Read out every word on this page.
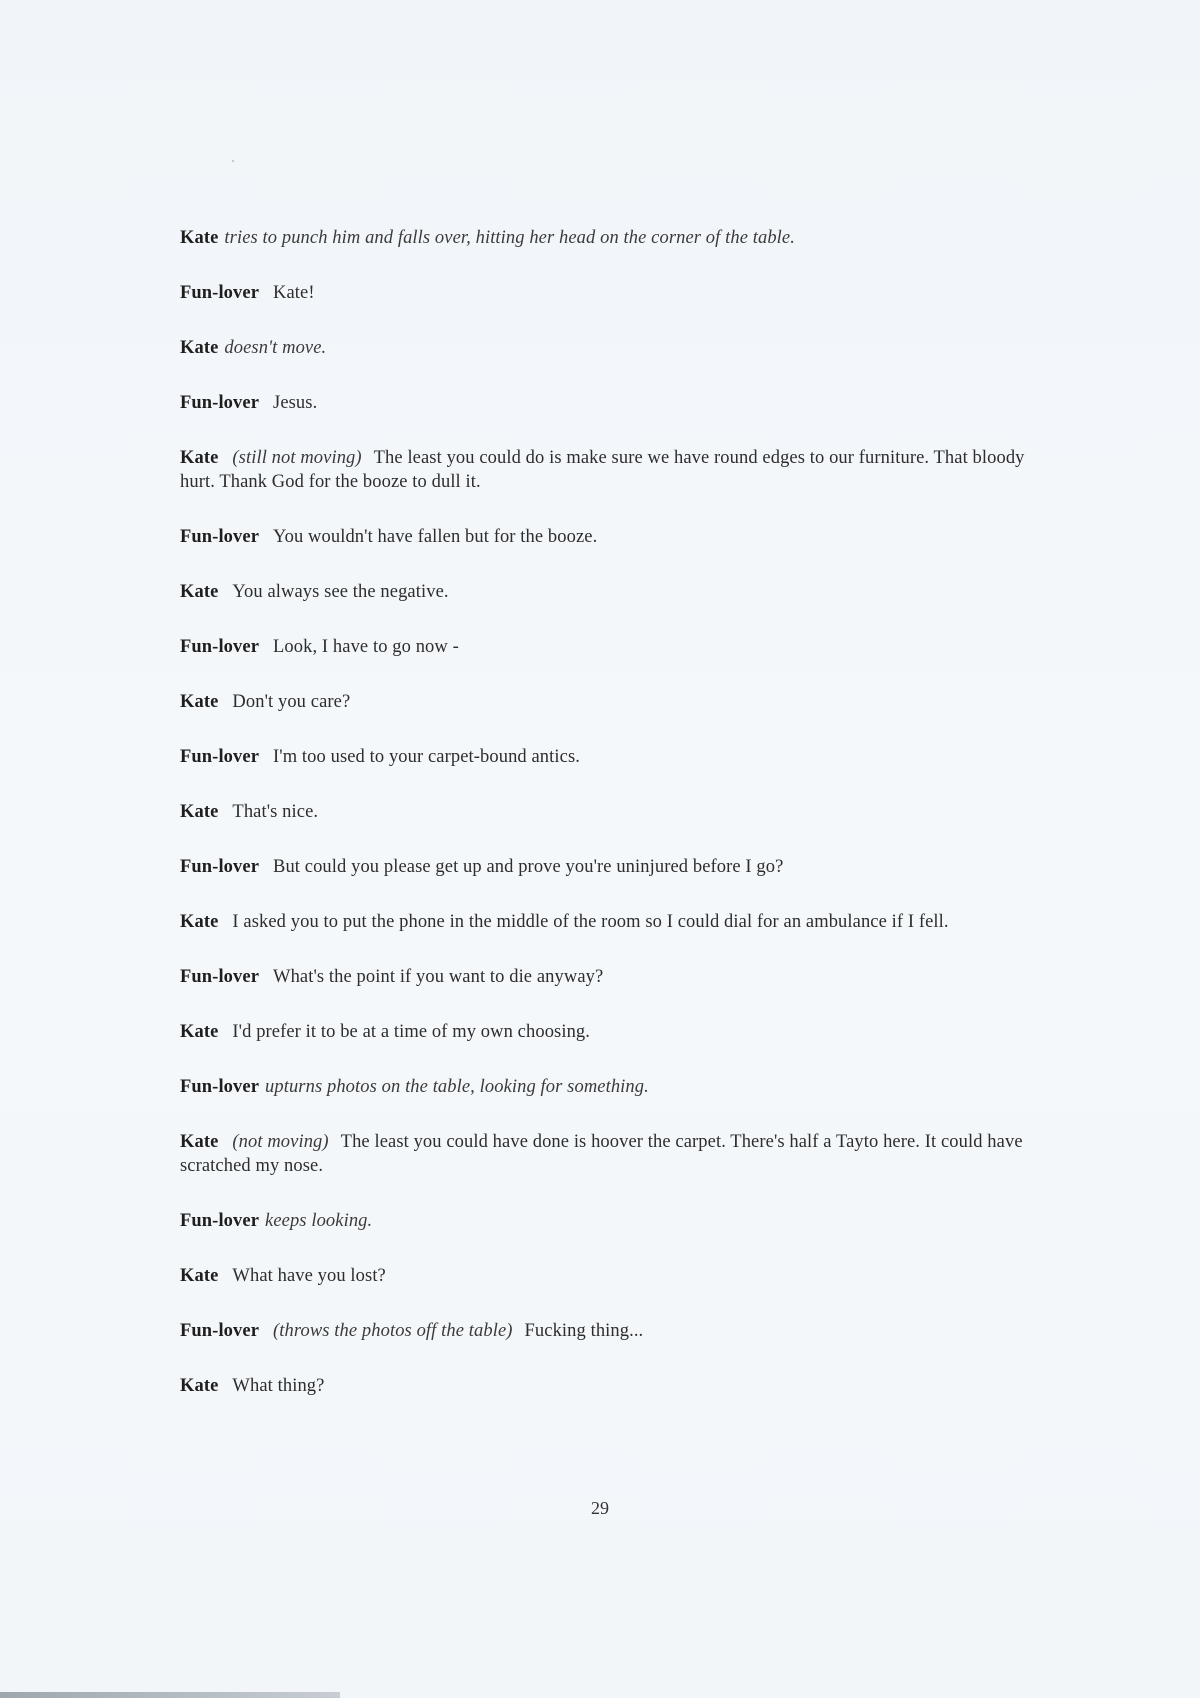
Kate tries to punch him and falls over, hitting her head on the corner of the table.

Fun-lover Kate!

Kate doesn't move.

Fun-lover Jesus.

Kate (still not moving) The least you could do is make sure we have round edges to our furniture. That bloody hurt. Thank God for the booze to dull it.

Fun-lover You wouldn't have fallen but for the booze.

Kate You always see the negative.

Fun-lover Look, I have to go now -

Kate Don't you care?

Fun-lover I'm too used to your carpet-bound antics.

Kate That's nice.

Fun-lover But could you please get up and prove you're uninjured before I go?

Kate I asked you to put the phone in the middle of the room so I could dial for an ambulance if I fell.

Fun-lover What's the point if you want to die anyway?

Kate I'd prefer it to be at a time of my own choosing.

Fun-lover upturns photos on the table, looking for something.

Kate (not moving) The least you could have done is hoover the carpet. There's half a Tayto here. It could have scratched my nose.

Fun-lover keeps looking.

Kate What have you lost?

Fun-lover (throws the photos off the table) Fucking thing...

Kate What thing?

29
